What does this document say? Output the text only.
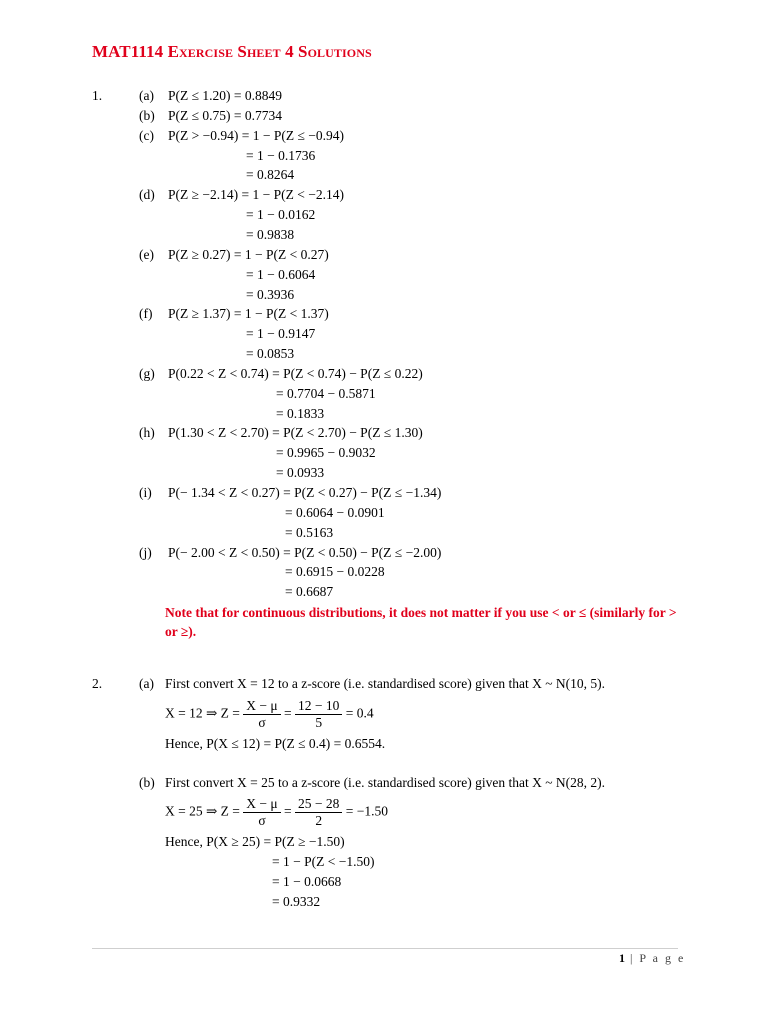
MAT1114 Exercise Sheet 4 Solutions
1.	(a) P(Z ≤ 1.20) = 0.8849
(b) P(Z ≤ 0.75) = 0.7734
(c) P(Z > −0.94) = 1 − P(Z ≤ −0.94)
= 1 − 0.1736
= 0.8264
(d) P(Z ≥ −2.14) = 1 − P(Z < −2.14)
= 1 − 0.0162
= 0.9838
(e) P(Z ≥ 0.27) = 1 − P(Z < 0.27)
= 1 − 0.6064
= 0.3936
(f) P(Z ≥ 1.37) = 1 − P(Z < 1.37)
= 1 − 0.9147
= 0.0853
(g) P(0.22 < Z < 0.74) = P(Z < 0.74) − P(Z ≤ 0.22)
= 0.7704 − 0.5871
= 0.1833
(h) P(1.30 < Z < 2.70) = P(Z < 2.70) − P(Z ≤ 1.30)
= 0.9965 − 0.9032
= 0.0933
(i) P(− 1.34 < Z < 0.27) = P(Z < 0.27) − P(Z ≤ −1.34)
= 0.6064 − 0.0901
= 0.5163
(j) P(− 2.00 < Z < 0.50) = P(Z < 0.50) − P(Z ≤ −2.00)
= 0.6915 − 0.0228
= 0.6687
Note that for continuous distributions, it does not matter if you use < or ≤ (similarly for > or ≥).
2.	(a) First convert X = 12 to a z-score (i.e. standardised score) given that X ~ N(10, 5).
X = 12 ⇒ $Z = \frac{X - \mu}{\sigma} = \frac{12 - 10}{5} = 0.4$
Hence, P(X ≤ 12) = P(Z ≤ 0.4) = 0.6554.
(b) First convert X = 25 to a z-score (i.e. standardised score) given that X ~ N(28, 2).
X = 25 ⇒ $Z = \frac{X - \mu}{\sigma} = \frac{25 - 28}{2} = -1.50$
Hence, P(X ≥ 25) = P(Z ≥ −1.50)
= 1 − P(Z < −1.50)
= 1 − 0.0668
= 0.9332
1 | P a g e
